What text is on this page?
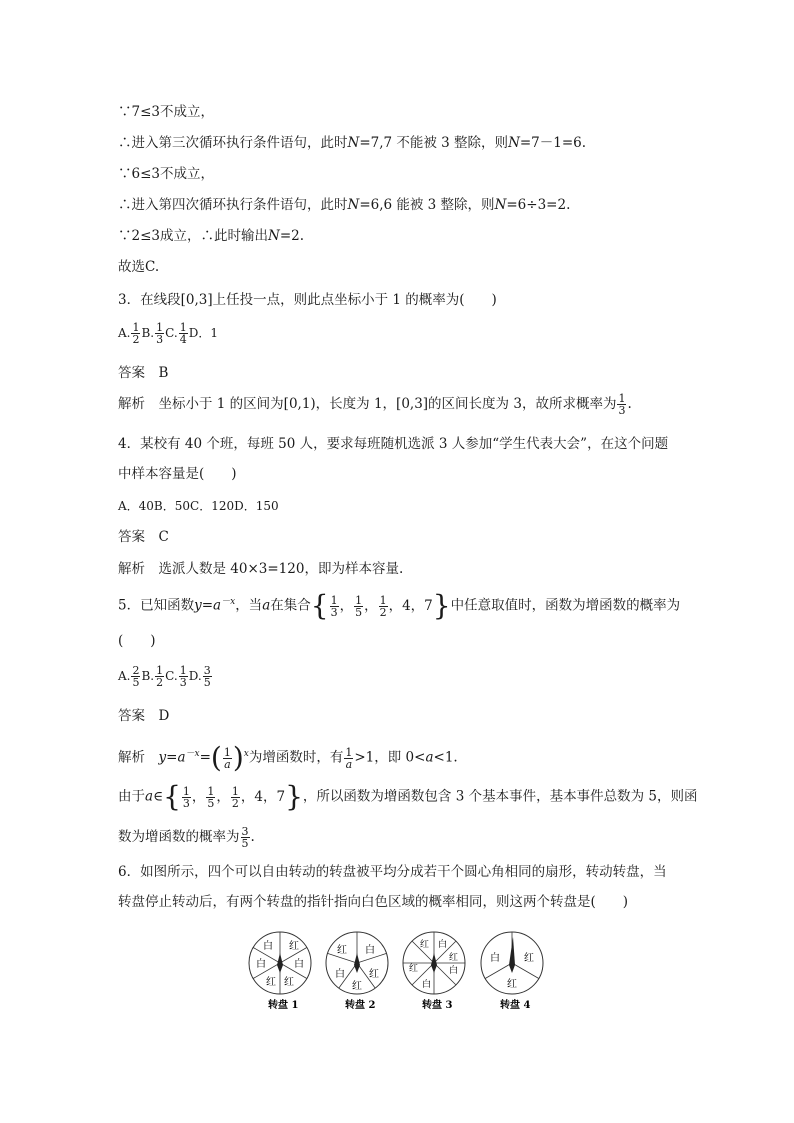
∵7≤3不成立，
∴进入第三次循环执行条件语句，此时N=7,7 不能被 3 整除，则N=7－1=6.
∵6≤3不成立，
∴进入第四次循环执行条件语句，此时N=6,6 能被 3 整除，则N=6÷3=2.
∵2≤3成立，∴此时输出N=2.
故选C.
3．在线段[0,3]上任投一点，则此点坐标小于 1 的概率为(　　)
A. $\frac{1}{2} B$. $\frac{1}{3} C$. $\frac{1}{4}$ D．1
答案　B
解析　坐标小于 1 的区间为[0,1)，长度为 1，[0,3]的区间长度为 3，故所求概率为 $\frac{1}{3}$ .
4．某校有 40 个班，每班 50 人，要求每班随机选派 3 人参加“学生代表大会”，在这个问题
中样本容量是(　　)
A．40B．50C．120D．150
答案　C
解析　选派人数是 40×3=120，即为样本容量.
5．已知函数$y=a^{-x}$，当a在集合 { $\frac{1}{3}$ ， $\frac{1}{5}$ ， $\frac{1}{2}$ ，4，7 } 中任意取值时，函数为增函数的概率为
(　　)
A. $\frac{2}{5} B$. $\frac{1}{2} C$. $\frac{1}{3} D$. $\frac{3}{5}$
答案　D
解析　$y=a^{-x}=$ ( $\frac{1}{a}$ ) $^x$为增函数时，有 $\frac{1}{a} >1$，即 0<a<1.
由于a∈ { $\frac{1}{3}$ ， $\frac{1}{5}$ ， $\frac{1}{2}$ ，4，7 } ，所以函数为增函数包含 3 个基本事件，基本事件总数为 5，则函
数为增函数的概率为 $\frac{3}{5}$ .
6．如图所示，四个可以自由转动的转盘被平均分成若干个圆心角相同的扇形，转动转盘，当
转盘停止转动后，有两个转盘的指针指向白色区域的概率相同，则这两个转盘是(　　)
红
白	白
红 红
白
转盘 1
红 白
白 红
红
转盘 2
红 白
红
白
红
白
转盘 3
白 红
红
转盘 4
